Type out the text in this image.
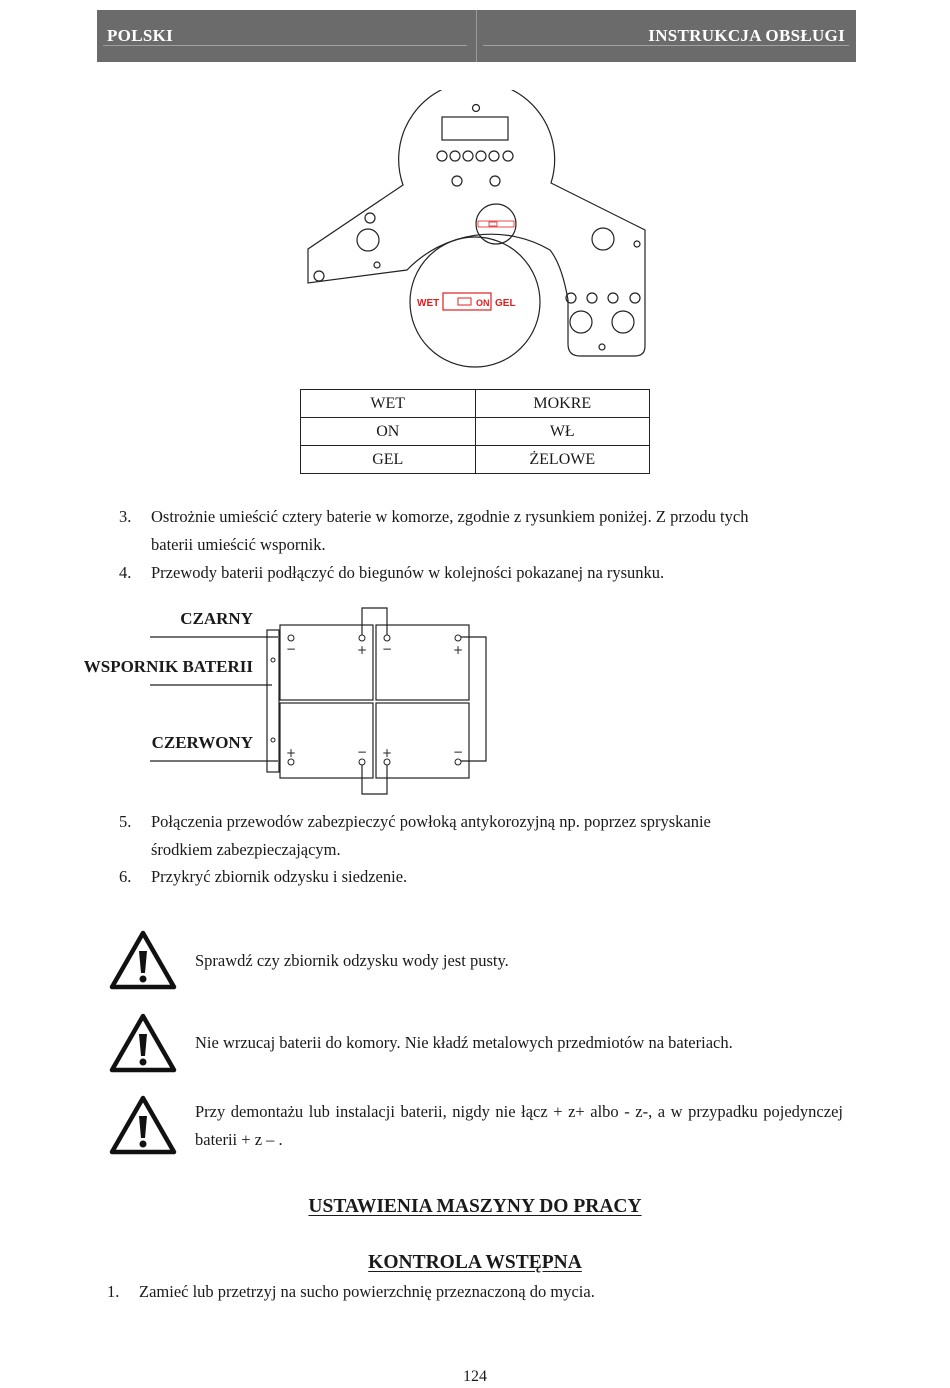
POLSKI	INSTRUKCJA OBSŁUGI
WET	ON GEL
WET	MOKRE
ON	WŁ
GEL	ŻELOWE
3. Ostrożnie umieścić cztery baterie w komorze, zgodnie z rysunkiem poniżej. Z przodu tych
baterii umieścić wspornik.
4. Przewody baterii podłączyć do biegunów w kolejności pokazanej na rysunku.
CZARNY
WSPORNIK BATERII
CZERWONY
−	+ −	+
+	− +	−
5. Połączenia przewodów zabezpieczyć powłoką antykorozyjną np. poprzez spryskanie
środkiem zabezpieczającym.
6. Przykryć zbiornik odzysku i siedzenie.
Sprawdź czy zbiornik odzysku wody jest pusty.
Nie wrzucaj baterii do komory. Nie kładź metalowych przedmiotów na bateriach.
Przy demontażu lub instalacji baterii, nigdy nie łącz + z+ albo - z-, a w przypadku pojedynczej baterii + z – .
USTAWIENIA MASZYNY DO PRACY
KONTROLA WSTĘPNA
1. Zamieć lub przetrzyj na sucho powierzchnię przeznaczoną do mycia.
124
